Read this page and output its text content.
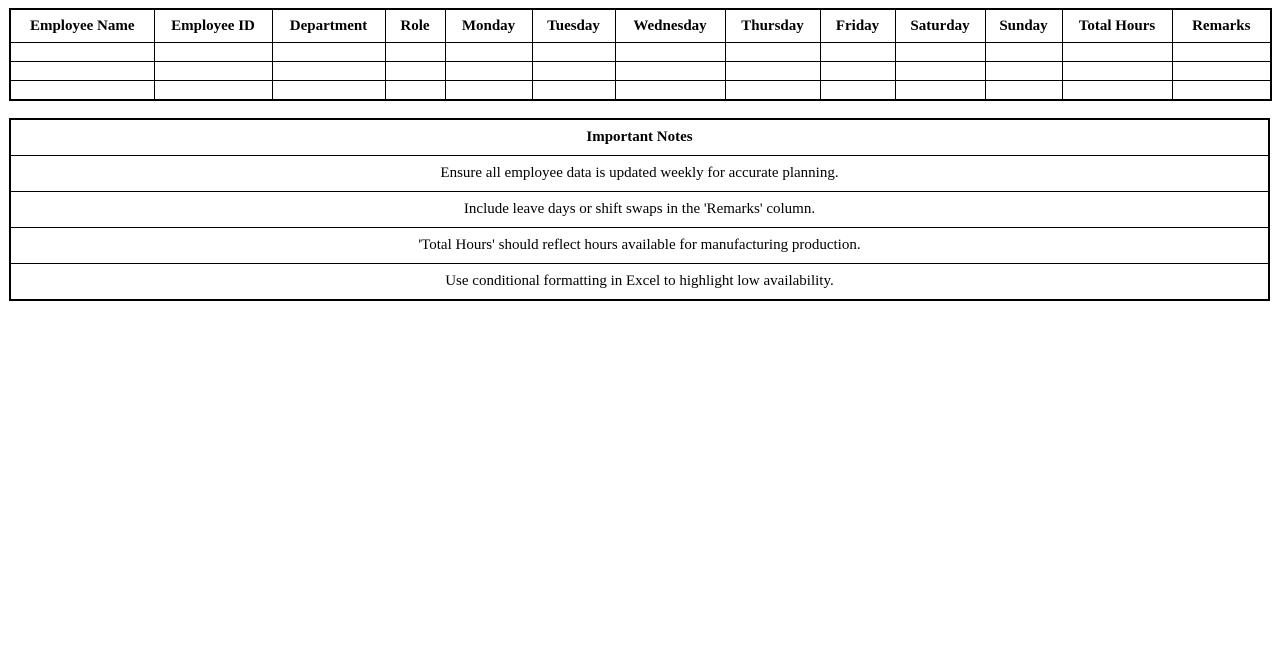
Employee Name	Employee ID	Department	Role	Monday	Tuesday	Wednesday	Thursday	Friday	Saturday	Sunday	Total Hours	Remarks

Important Notes
Ensure all employee data is updated weekly for accurate planning.
Include leave days or shift swaps in the 'Remarks' column.
'Total Hours' should reflect hours available for manufacturing production.
Use conditional formatting in Excel to highlight low availability.
